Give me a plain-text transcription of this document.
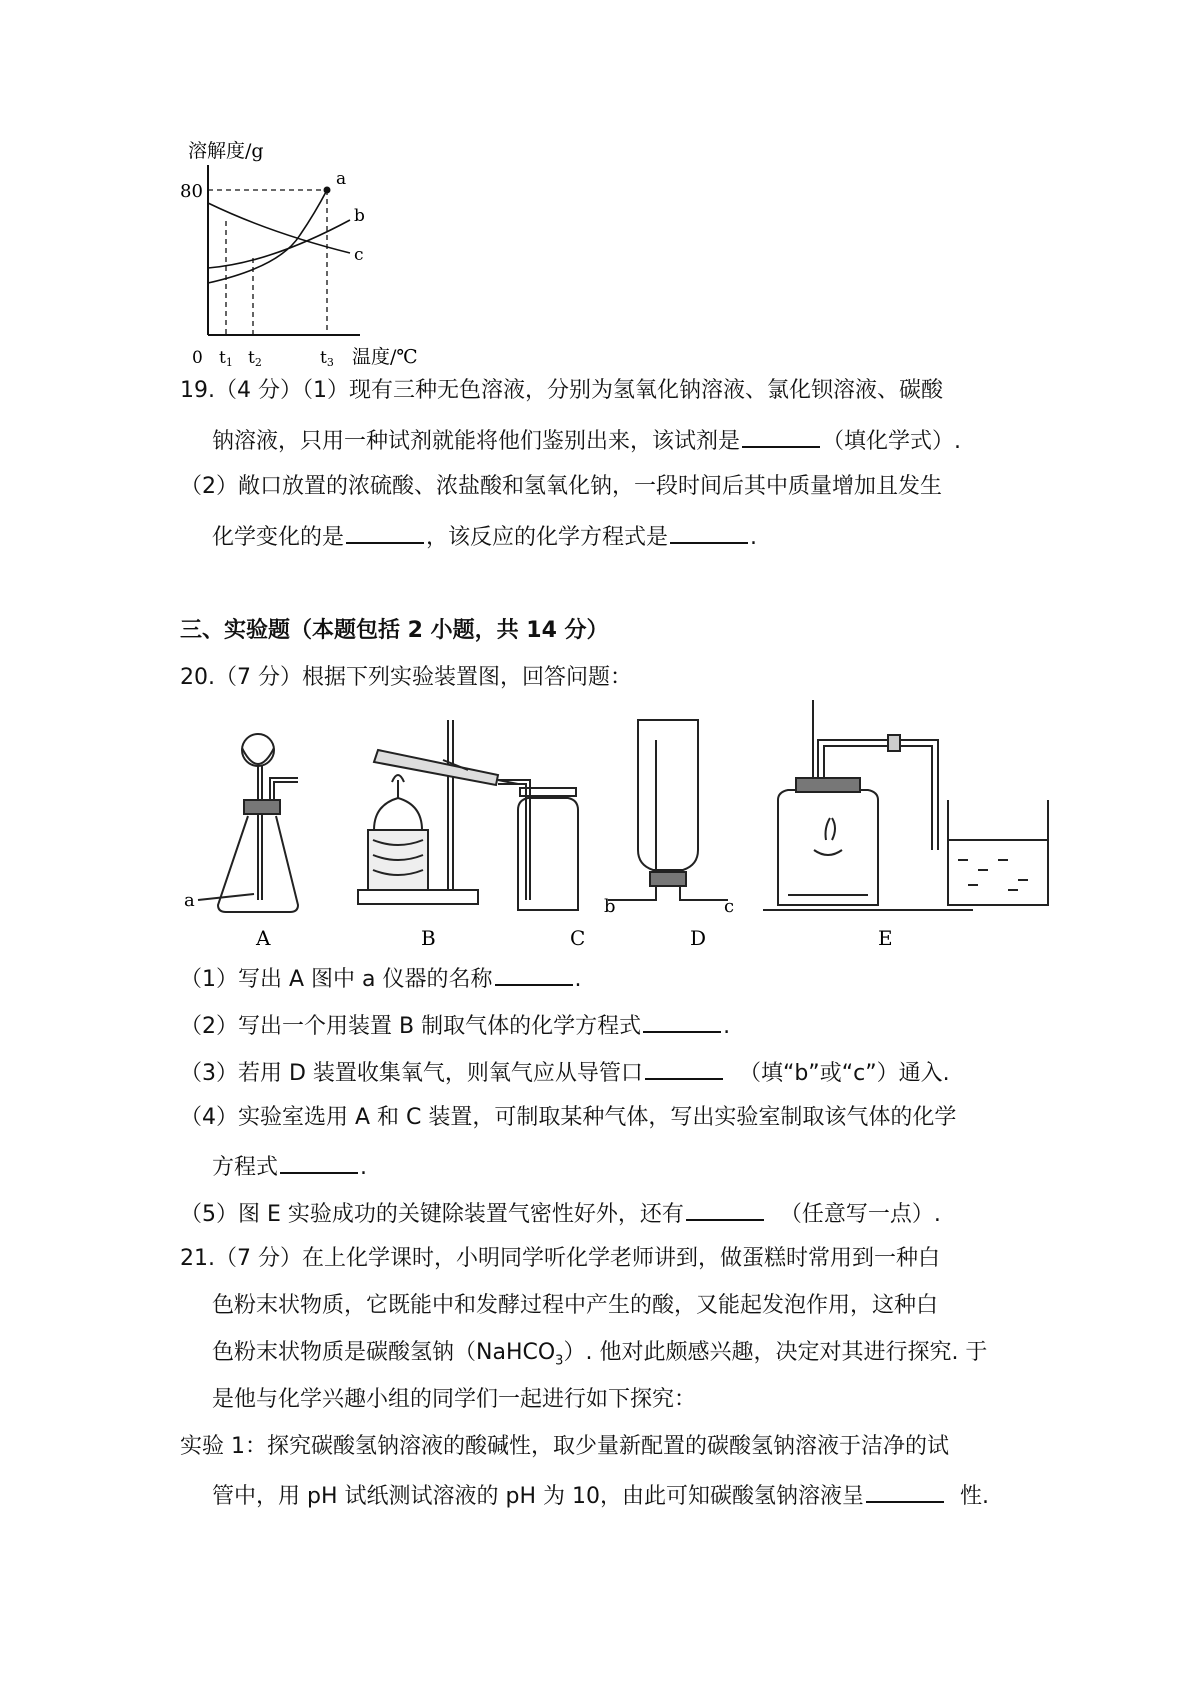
溶解度/g
温度/℃
80
0 t1 t2	t3
a
b
c
19.（4 分）（1）现有三种无色溶液，分别为氢氧化钠溶液、氯化钡溶液、碳酸
钠溶液，只用一种试剂就能将他们鉴别出来，该试剂是	（填化学式）.
（2）敞口放置的浓硫酸、浓盐酸和氢氧化钠，一段时间后其中质量增加且发生
化学变化的是	，该反应的化学方程式是	.
三、实验题（本题包括 2 小题，共 14 分）
20.（7 分）根据下列实验装置图，回答问题：
a	b	c
A	B	C	D	E
（1）写出 A 图中 a 仪器的名称	.
（2）写出一个用装置 B 制取气体的化学方程式	.
（3）若用 D 装置收集氧气，则氧气应从导管口	（填“b”或“c”）通入.
（4）实验室选用 A 和 C 装置，可制取某种气体，写出实验室制取该气体的化学
方程式	.
（5）图 E 实验成功的关键除装置气密性好外，还有	（任意写一点）.
21.（7 分）在上化学课时，小明同学听化学老师讲到，做蛋糕时常用到一种白
色粉末状物质，它既能中和发酵过程中产生的酸，又能起发泡作用，这种白
色粉末状物质是碳酸氢钠（NaHCO$_3$）. 他对此颇感兴趣，决定对其进行探究. 于
是他与化学兴趣小组的同学们一起进行如下探究：
实验 1：探究碳酸氢钠溶液的酸碱性，取少量新配置的碳酸氢钠溶液于洁净的试
管中，用 pH 试纸测试溶液的 pH 为 10，由此可知碳酸氢钠溶液呈	性.
